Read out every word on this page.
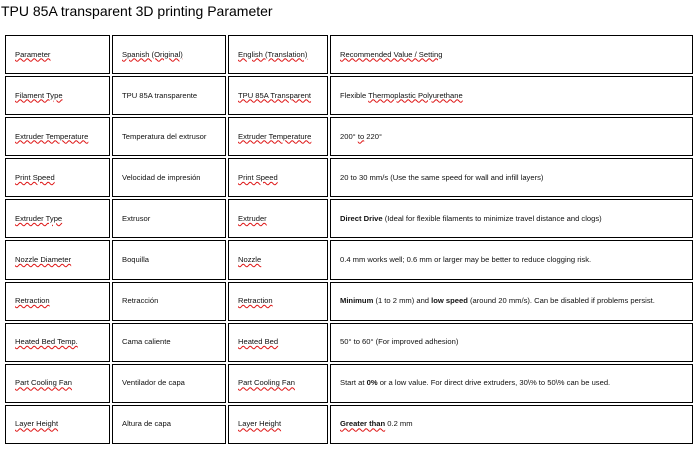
TPU 85A transparent 3D printing Parameter
Parameter	Spanish (Original)	English (Translation)	Recommended Value / Setting
Filament Type	TPU 85A transparente	TPU 85A Transparent	Flexible Thermoplastic Polyurethane
Extruder Temperature	Temperatura del extrusor	Extruder Temperature	200° to 220°
Print Speed	Velocidad de impresión	Print Speed	20 to 30 mm/s (Use the same speed for wall and infill layers)
Extruder Type	Extrusor	Extruder	Direct Drive (Ideal for flexible filaments to minimize travel distance and clogs)
Nozzle Diameter	Boquilla	Nozzle	0.4 mm works well; 0.6 mm or larger may be better to reduce clogging risk.
Retraction	Retracción	Retraction	Minimum (1 to 2 mm) and low speed (around 20 mm/s). Can be disabled if problems persist.
Heated Bed Temp.	Cama caliente	Heated Bed	50° to 60° (For improved adhesion)
Part Cooling Fan	Ventilador de capa	Part Cooling Fan	Start at 0% or a low value. For direct drive extruders, 30\% to 50\% can be used.
Layer Height	Altura de capa	Layer Height	Greater than 0.2 mm
